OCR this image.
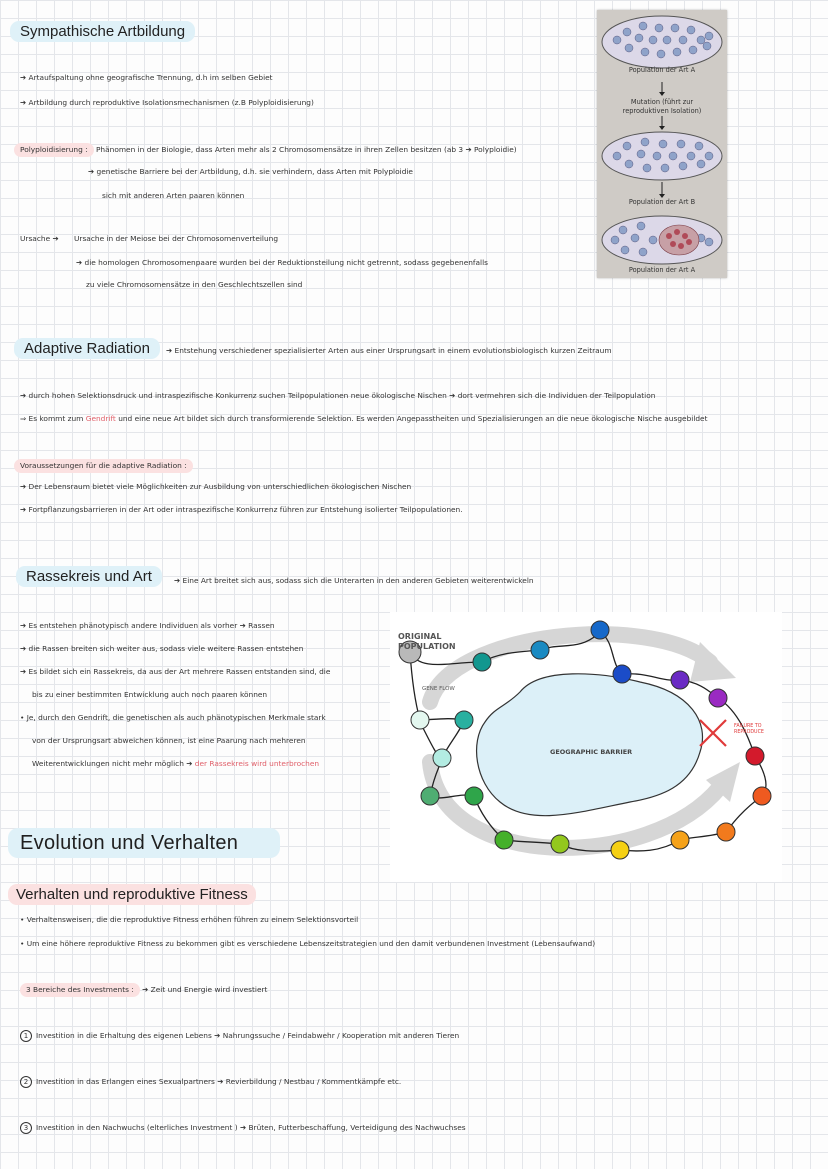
Sympathische Artbildung
➔ Artaufspaltung ohne geografische Trennung, d.h im selben Gebiet
➔ Artbildung durch reproduktive Isolationsmechanismen (z.B Polyploidisierung)
Polyploidisierung : Phänomen in der Biologie, dass Arten mehr als 2 Chromosomensätze in ihren Zellen besitzen (ab 3 ➔ Polyploidie)
➔ genetische Barriere bei der Artbildung, d.h. sie verhindern, dass Arten mit Polyploidie
sich mit anderen Arten paaren können
Ursache ➔ Ursache in der Meiose bei der Chromosomenverteilung
➔ die homologen Chromosomenpaare wurden bei der Reduktionsteilung nicht getrennt, sodass gegebenenfalls
zu viele Chromosomensätze in den Geschlechtszellen sind
Population der Art A
Mutation (führt zur reproduktiven Isolation)
Population der Art B
Population der Art A
Adaptive Radiation	➔ Entstehung verschiedener spezialisierter Arten aus einer Ursprungsart in einem evolutionsbiologisch kurzen Zeitraum
➔ durch hohen Selektionsdruck und intraspezifische Konkurrenz suchen Teilpopulationen neue ökologische Nischen ➔ dort vermehren sich die Individuen der Teilpopulation
⇒ Es kommt zum Gendrift und eine neue Art bildet sich durch transformierende Selektion. Es werden Angepasstheiten und Spezialisierungen an die neue ökologische Nische ausgebildet
Voraussetzungen für die adaptive Radiation :
➔ Der Lebensraum bietet viele Möglichkeiten zur Ausbildung von unterschiedlichen ökologischen Nischen
➔ Fortpflanzungsbarrieren in der Art oder intraspezifische Konkurrenz führen zur Entstehung isolierter Teilpopulationen.
Rassekreis und Art	➔ Eine Art breitet sich aus, sodass sich die Unterarten in den anderen Gebieten weiterentwickeln
➔ Es entstehen phänotypisch andere Individuen als vorher ➔ Rassen
➔ die Rassen breiten sich weiter aus, sodass viele weitere Rassen entstehen
➔ Es bildet sich ein Rassekreis, da aus der Art mehrere Rassen entstanden sind, die
bis zu einer bestimmten Entwicklung auch noch paaren können
• Je, durch den Gendrift, die genetischen als auch phänotypischen Merkmale stark
von der Ursprungsart abweichen können, ist eine Paarung nach mehreren
Weiterentwicklungen nicht mehr möglich ➔ der Rassekreis wird unterbrochen
ORIGINAL
POPULATION
GENE FLOW
GEOGRAPHIC BARRIER
FAILURE TO
REPRODUCE
Evolution und Verhalten
Verhalten und reproduktive Fitness
• Verhaltensweisen, die die reproduktive Fitness erhöhen führen zu einem Selektionsvorteil
• Um eine höhere reproduktive Fitness zu bekommen gibt es verschiedene Lebenszeitstrategien und den damit verbundenen Investment (Lebensaufwand)
3 Bereiche des Investments : ➔ Zeit und Energie wird investiert
1 Investition in die Erhaltung des eigenen Lebens ➔ Nahrungssuche / Feindabwehr / Kooperation mit anderen Tieren
2 Investition in das Erlangen eines Sexualpartners ➔ Revierbildung / Nestbau / Kommentkämpfe etc.
3 Investition in den Nachwuchs (elterliches Investment ) ➔ Brüten, Futterbeschaffung, Verteidigung des Nachwuchses
